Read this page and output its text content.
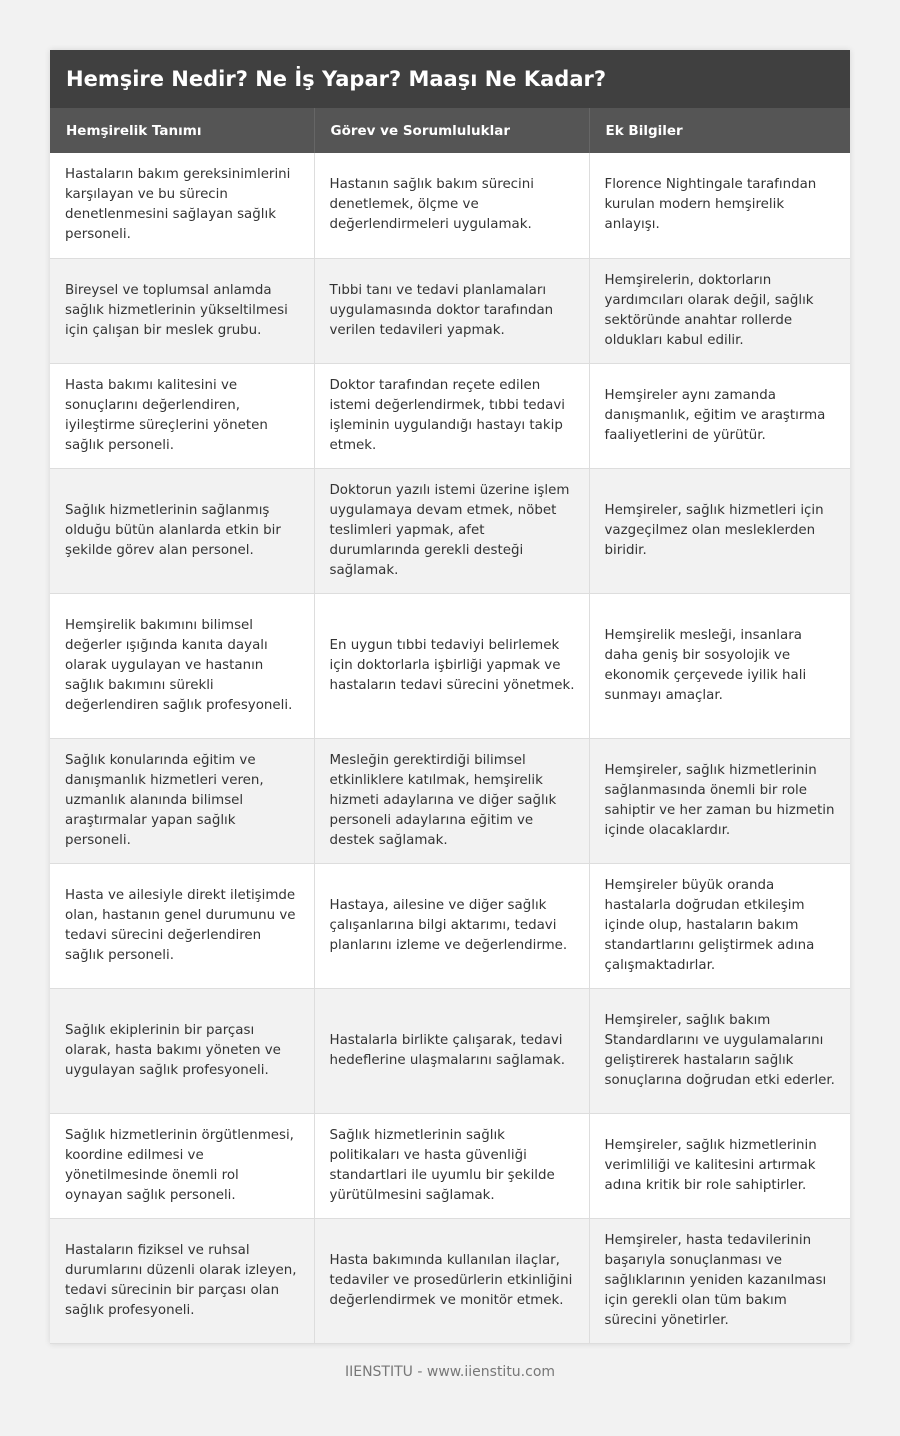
Hemşire Nedir? Ne İş Yapar? Maaşı Ne Kadar?
Hemşirelik Tanımı	Görev ve Sorumluluklar	Ek Bilgiler
Hastaların bakım gereksinimlerini karşılayan ve bu sürecin denetlenmesini sağlayan sağlık personeli.	Hastanın sağlık bakım sürecini denetlemek, ölçme ve değerlendirmeleri uygulamak.	Florence Nightingale tarafından kurulan modern hemşirelik anlayışı.
Bireysel ve toplumsal anlamda sağlık hizmetlerinin yükseltilmesi için çalışan bir meslek grubu.	Tıbbi tanı ve tedavi planlamaları uygulamasında doktor tarafından verilen tedavileri yapmak.	Hemşirelerin, doktorların yardımcıları olarak değil, sağlık sektöründe anahtar rollerde oldukları kabul edilir.
Hasta bakımı kalitesini ve sonuçlarını değerlendiren, iyileştirme süreçlerini yöneten sağlık personeli.	Doktor tarafından reçete edilen istemi değerlendirmek, tıbbi tedavi işleminin uygulandığı hastayı takip etmek.	Hemşireler aynı zamanda danışmanlık, eğitim ve araştırma faaliyetlerini de yürütür.
Sağlık hizmetlerinin sağlanmış olduğu bütün alanlarda etkin bir şekilde görev alan personel.	Doktorun yazılı istemi üzerine işlem uygulamaya devam etmek, nöbet teslimleri yapmak, afet durumlarında gerekli desteği sağlamak.	Hemşireler, sağlık hizmetleri için vazgeçilmez olan mesleklerden biridir.
Hemşirelik bakımını bilimsel değerler ışığında kanıta dayalı olarak uygulayan ve hastanın sağlık bakımını sürekli değerlendiren sağlık profesyoneli.	En uygun tıbbi tedaviyi belirlemek için doktorlarla işbirliği yapmak ve hastaların tedavi sürecini yönetmek.	Hemşirelik mesleği, insanlara daha geniş bir sosyolojik ve ekonomik çerçevede iyilik hali sunmayı amaçlar.
Sağlık konularında eğitim ve danışmanlık hizmetleri veren, uzmanlık alanında bilimsel araştırmalar yapan sağlık personeli.	Mesleğin gerektirdiği bilimsel etkinliklere katılmak, hemşirelik hizmeti adaylarına ve diğer sağlık personeli adaylarına eğitim ve destek sağlamak.	Hemşireler, sağlık hizmetlerinin sağlanmasında önemli bir role sahiptir ve her zaman bu hizmetin içinde olacaklardır.
Hasta ve ailesiyle direkt iletişimde olan, hastanın genel durumunu ve tedavi sürecini değerlendiren sağlık personeli.	Hastaya, ailesine ve diğer sağlık çalışanlarına bilgi aktarımı, tedavi planlarını izleme ve değerlendirme.	Hemşireler büyük oranda hastalarla doğrudan etkileşim içinde olup, hastaların bakım standartlarını geliştirmek adına çalışmaktadırlar.
Sağlık ekiplerinin bir parçası olarak, hasta bakımı yöneten ve uygulayan sağlık profesyoneli.	Hastalarla birlikte çalışarak, tedavi hedeflerine ulaşmalarını sağlamak.	Hemşireler, sağlık bakım Standardlarını ve uygulamalarını geliştirerek hastaların sağlık sonuçlarına doğrudan etki ederler.
Sağlık hizmetlerinin örgütlenmesi, koordine edilmesi ve yönetilmesinde önemli rol oynayan sağlık personeli.	Sağlık hizmetlerinin sağlık politikaları ve hasta güvenliği standartlari ile uyumlu bir şekilde yürütülmesini sağlamak.	Hemşireler, sağlık hizmetlerinin verimliliği ve kalitesini artırmak adına kritik bir role sahiptirler.
Hastaların fiziksel ve ruhsal durumlarını düzenli olarak izleyen, tedavi sürecinin bir parçası olan sağlık profesyoneli.	Hasta bakımında kullanılan ilaçlar, tedaviler ve prosedürlerin etkinliğini değerlendirmek ve monitör etmek.	Hemşireler, hasta tedavilerinin başarıyla sonuçlanması ve sağlıklarının yeniden kazanılması için gerekli olan tüm bakım sürecini yönetirler.
IIENSTITU - www.iienstitu.com
